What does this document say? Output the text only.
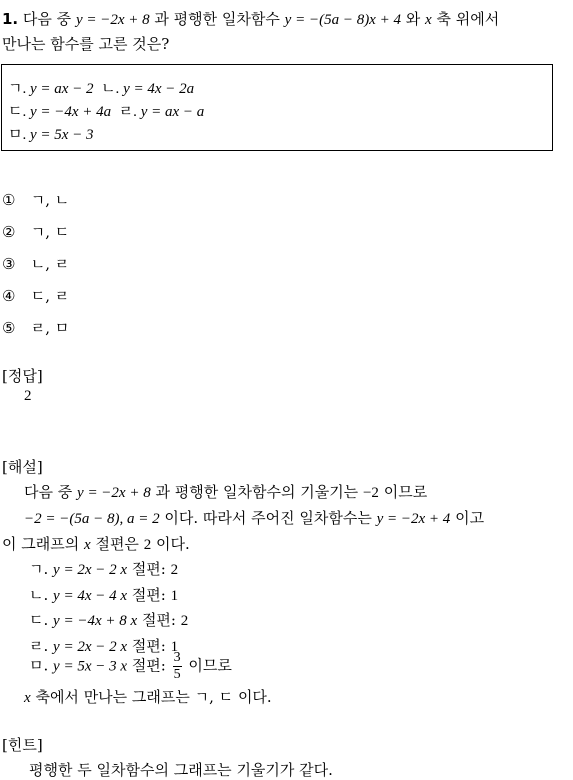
1. 다음 중 y = −2x + 8 과 평행한 일차함수 y = −(5a − 8)x + 4 와 x 축 위에서
만나는 함수를 고른 것은?
ㄱ. y = ax − 2 ㄴ. y = 4x − 2a
ㄷ. y = −4x + 4a ㄹ. y = ax − a
ㅁ. y = 5x − 3
① ㄱ, ㄴ
② ㄱ, ㄷ
③ ㄴ, ㄹ
④ ㄷ, ㄹ
⑤ ㄹ, ㅁ
[정답]
2
[해설]
다음 중 y = −2x + 8 과 평행한 일차함수의 기울기는 −2 이므로
−2 = −(5a − 8), a = 2 이다. 따라서 주어진 일차함수는 y = −2x + 4 이고
이 그래프의 x 절편은 2 이다.
ㄱ. y = 2x − 2 x 절편: 2
ㄴ. y = 4x − 4 x 절편: 1
ㄷ. y = −4x + 8 x 절편: 2
ㄹ. y = 2x − 2 x 절편: 1
ㅁ. y = 5x − 3 x 절편: $\frac{3}{5}$ 이므로
x 축에서 만나는 그래프는 ㄱ, ㄷ 이다.
[힌트]
평행한 두 일차함수의 그래프는 기울기가 같다.
